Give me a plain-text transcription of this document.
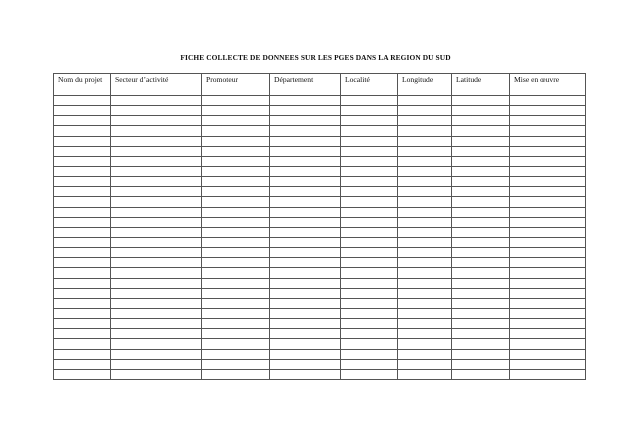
FICHE COLLECTE DE DONNEES SUR LES PGES DANS LA REGION DU SUD
Nom du projet	Secteur d’activité	Promoteur	Département	Localité	Longitude	Latitude	Mise en œuvre
